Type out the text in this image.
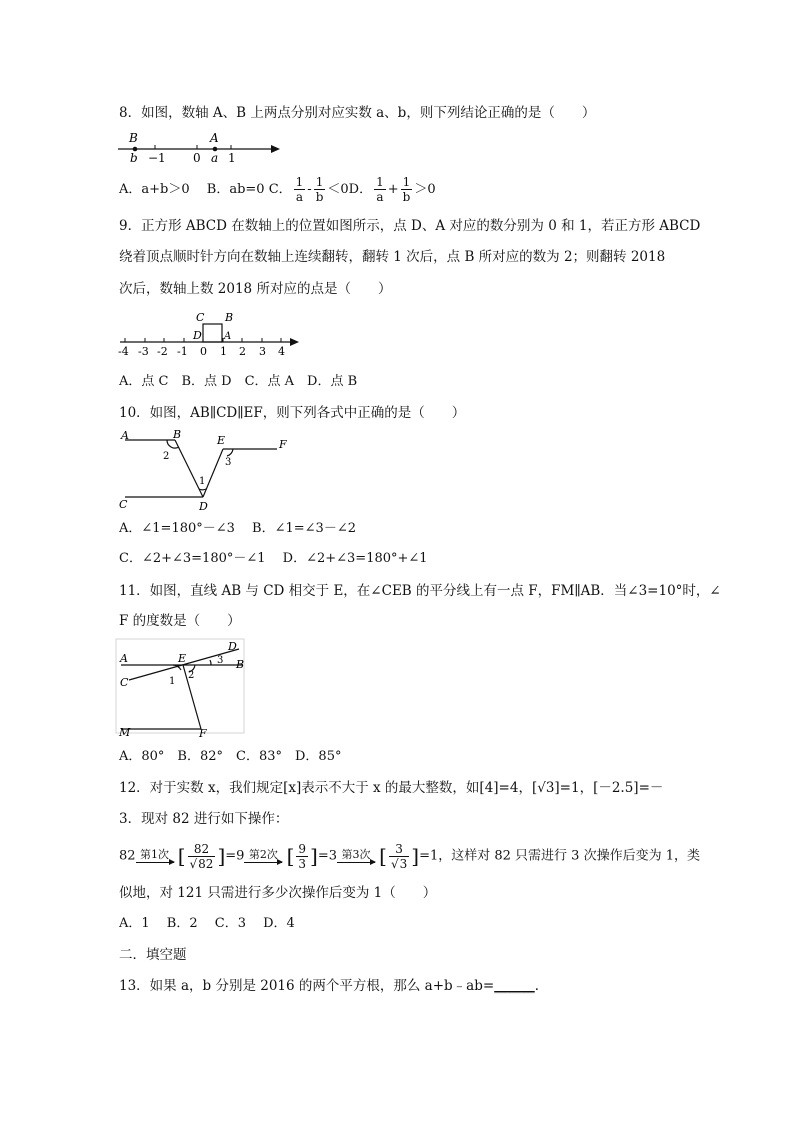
8．如图，数轴 A、B 上两点分别对应实数 a、b，则下列结论正确的是（　　）
B
b −1 0
A
a 1
A．a+b＞0　 B．ab=0 C． $\frac{1}{a} - \frac{1}{b} <0D$． $\frac{1}{a} + \frac{1}{b} >0$
9．正方形 ABCD 在数轴上的位置如图所示，点 D、A 对应的数分别为 0 和 1，若正方形 ABCD
绕着顶点顺时针方向在数轴上连续翻转，翻转 1 次后，点 B 所对应的数为 2；则翻转 2018
次后，数轴上数 2018 所对应的点是（　　）
C B
D A
-4 -3 -2 -1 0 1 2 3 4
A．点 C　B．点 D　C．点 A　D．点 B
10．如图，AB∥CD∥EF，则下列各式中正确的是（　　）
A	B	E	F
C	D
1
2
3
A．∠1=180°－∠3　 B．∠1=∠3－∠2
C．∠2+∠3=180°－∠1　 D．∠2+∠3=180°+∠1
11．如图，直线 AB 与 CD 相交于 E，在∠CEB 的平分线上有一点 F，FM∥AB．当∠3=10°时，∠
F 的度数是（　　）
A	E
D
B
C	1
2
3
M	F
A．80°　B．82°　C．83°　D．85°
12．对于实数 x，我们规定[x]表示不大于 x 的最大整数，如[4]=4，[√3]=1，[－2.5]=－
3．现对 82 进行如下操作：
82 第1次 [ $\frac{82}{√82} ]=9$ 第2次 [ $\frac{9}{3} ]=3$ 第3次 [ $\frac{3}{√3} ]=1$，这样对 82 只需进行 3 次操作后变为 1，类
似地，对 121 只需进行多少次操作后变为 1（　　）
A．1　 B．2　 C．3　 D．4
二．填空题
13．如果 a，b 分别是 2016 的两个平方根，那么 a+b﹣ab=______．
